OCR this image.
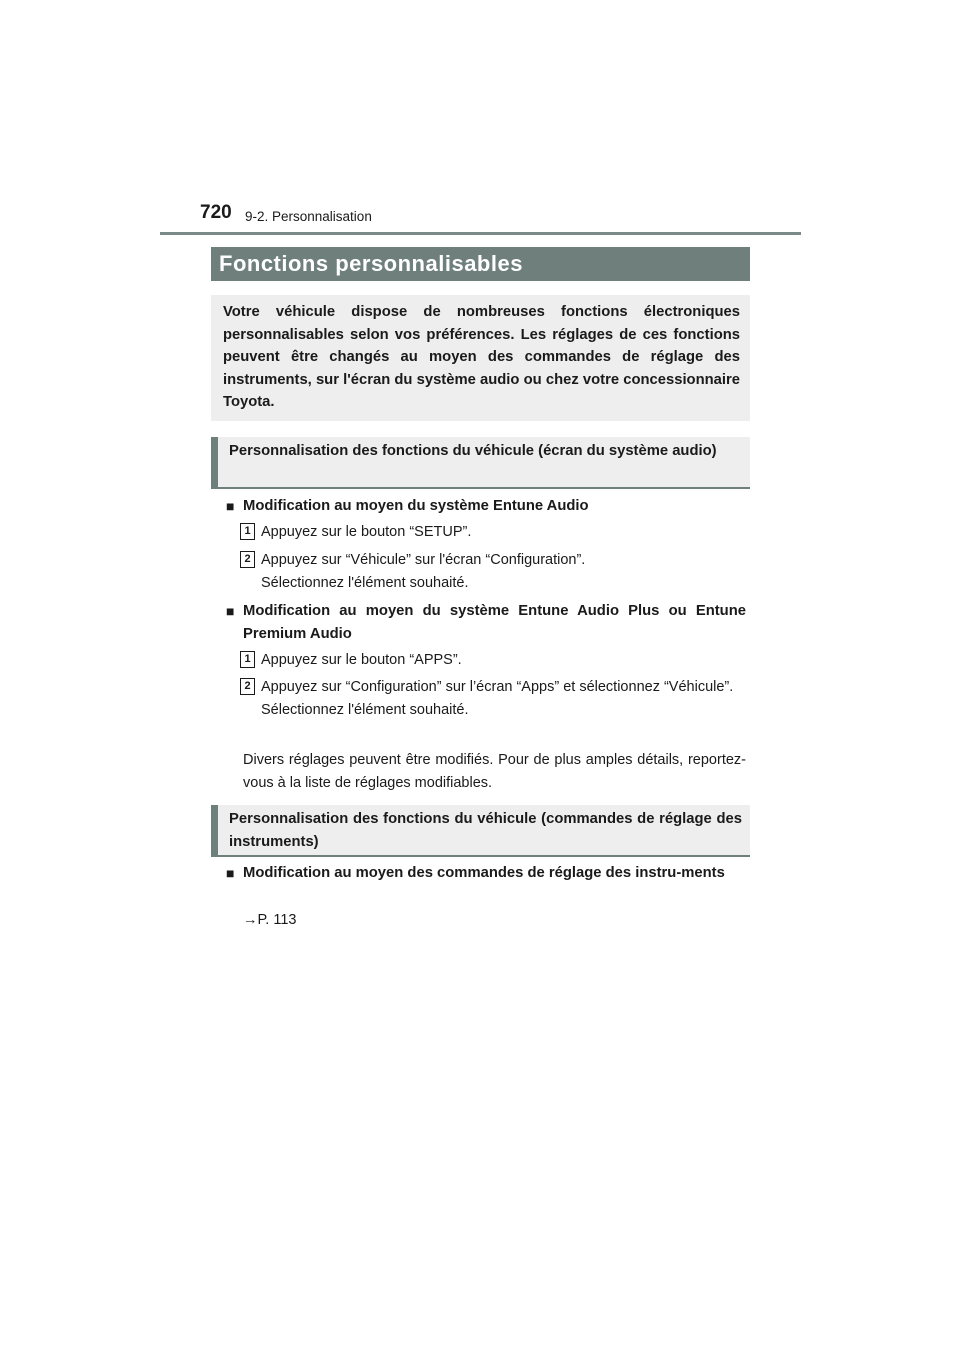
720 9-2. Personnalisation
Fonctions personnalisables
Votre véhicule dispose de nombreuses fonctions électroniques personnalisables selon vos préférences. Les réglages de ces fonctions peuvent être changés au moyen des commandes de réglage des instruments, sur l'écran du système audio ou chez votre concessionnaire Toyota.
Personnalisation des fonctions du véhicule (écran du système audio)
■ Modification au moyen du système Entune Audio
1 Appuyez sur le bouton “SETUP”.
2 Appuyez sur “Véhicule” sur l'écran “Configuration”.
Sélectionnez l'élément souhaité.
■ Modification au moyen du système Entune Audio Plus ou Entune Premium Audio
1 Appuyez sur le bouton “APPS”.
2 Appuyez sur “Configuration” sur l’écran “Apps” et sélectionnez “Véhicule”.
Sélectionnez l'élément souhaité.
Divers réglages peuvent être modifiés. Pour de plus amples détails, reportez-vous à la liste de réglages modifiables.
Personnalisation des fonctions du véhicule (commandes de réglage des instruments)
■ Modification au moyen des commandes de réglage des instru-ments
→P. 113
